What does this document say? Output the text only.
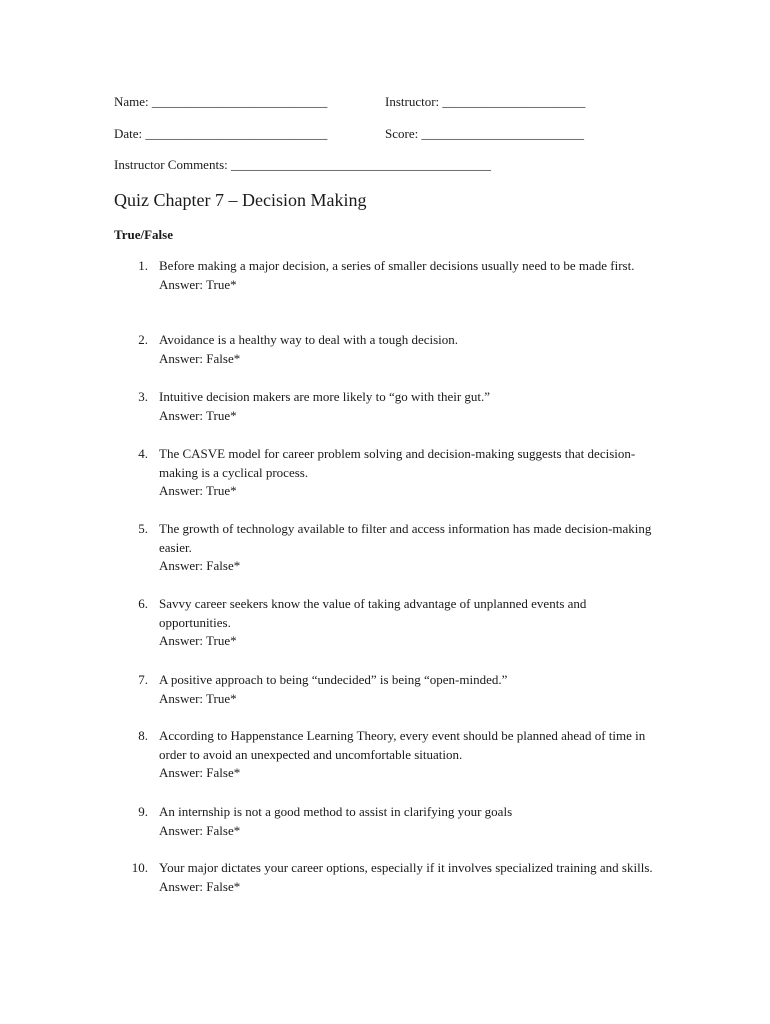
Name: ___________________________	Instructor: ______________________
Date: ____________________________	Score: _________________________
Instructor Comments: ________________________________________
Quiz Chapter 7 – Decision Making
True/False
1. Before making a major decision, a series of smaller decisions usually need to be made first.
Answer: True*
2. Avoidance is a healthy way to deal with a tough decision.
Answer: False*
3. Intuitive decision makers are more likely to “go with their gut.”
Answer: True*
4. The CASVE model for career problem solving and decision-making suggests that decision- making is a cyclical process.
Answer: True*
5. The growth of technology available to filter and access information has made decision-making easier.
Answer: False*
6. Savvy career seekers know the value of taking advantage of unplanned events and opportunities.
Answer: True*
7. A positive approach to being “undecided” is being “open-minded.”
Answer: True*
8. According to Happenstance Learning Theory, every event should be planned ahead of time in order to avoid an unexpected and uncomfortable situation.
Answer: False*
9. An internship is not a good method to assist in clarifying your goals
Answer: False*
10. Your major dictates your career options, especially if it involves specialized training and skills.
Answer: False*
